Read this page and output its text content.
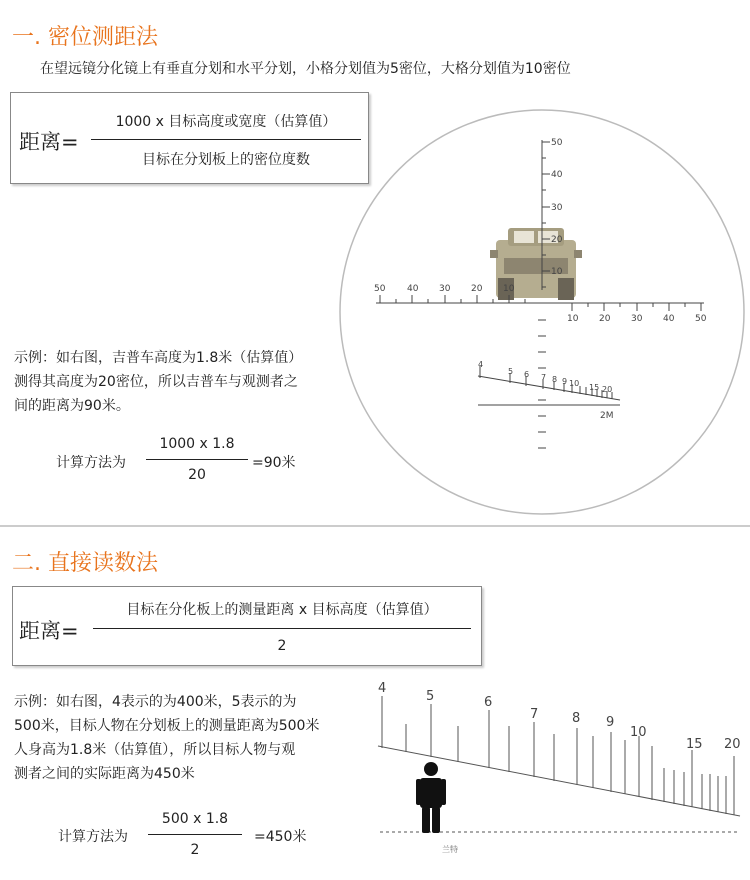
一. 密位测距法
在望远镜分化镜上有垂直分划和水平分划，小格分划值为5密位，大格分划值为10密位
距离=
1000 x 目标高度或宽度（估算值）
目标在分划板上的密位度数
50
40
30
20
10
50 40 30 20 10
10 20 30 40 50
4
5 6 7 8 9 10 15 20
2M
示例：如右图，吉普车高度为1.8米（估算值）
测得其高度为20密位，所以吉普车与观测者之
间的距离为90米。
计算方法为
1000 x 1.8
20
=90米
二. 直接读数法
距离=
目标在分化板上的测量距离 x 目标高度（估算值）
2
示例：如右图，4表示的为400米，5表示的为
500米，目标人物在分划板上的测量距离为500米
人身高为1.8米（估算值），所以目标人物与观
测者之间的实际距离为450米
计算方法为
500 x 1.8
2
=450米
4
5	6
7	8 9
10
15 20
兰特
